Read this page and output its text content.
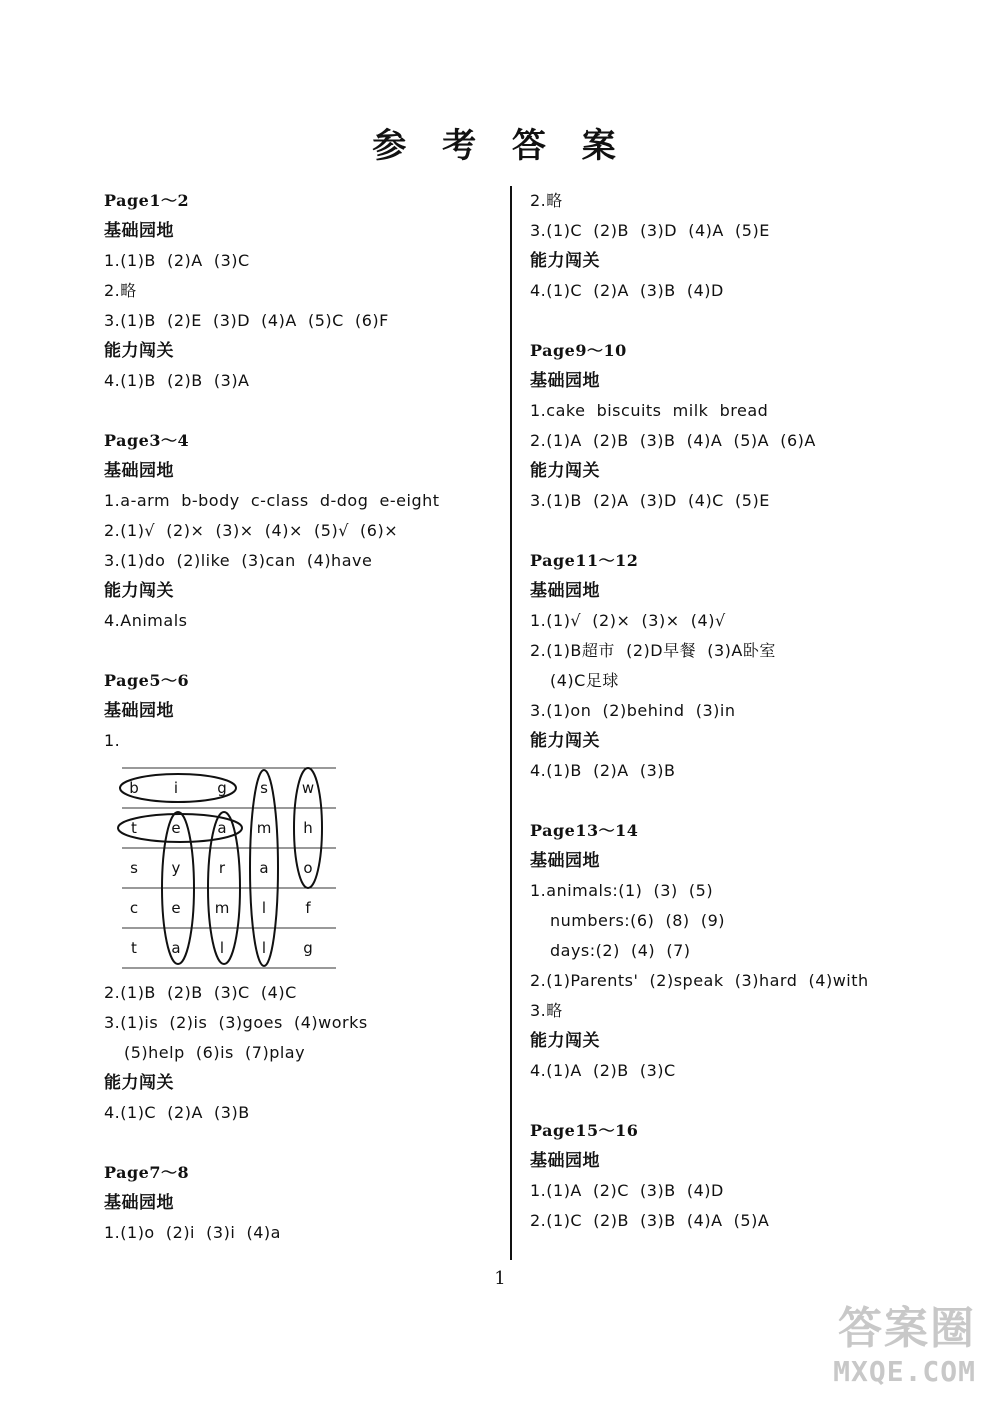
参 考 答 案
Page1～2
基础园地
1.(1)B  (2)A  (3)C
2.略
3.(1)B  (2)E  (3)D  (4)A  (5)C  (6)F
能力闯关
4.(1)B  (2)B  (3)A
Page3～4
基础园地
1.a-arm  b-body  c-class  d-dog  e-eight
2.(1)√  (2)×  (3)×  (4)×  (5)√  (6)×
3.(1)do  (2)like  (3)can  (4)have
能力闯关
4.Animals
Page5～6
基础园地
1.
b i	g s w
t e a m h
s y	r a o
c e m l	f
t a	l	l g
2.(1)B  (2)B  (3)C  (4)C
3.(1)is  (2)is  (3)goes  (4)works
(5)help  (6)is  (7)play
能力闯关
4.(1)C  (2)A  (3)B
Page7～8
基础园地
1.(1)o  (2)i  (3)i  (4)a
2.略
3.(1)C  (2)B  (3)D  (4)A  (5)E
能力闯关
4.(1)C  (2)A  (3)B  (4)D
Page9～10
基础园地
1.cake  biscuits  milk  bread
2.(1)A  (2)B  (3)B  (4)A  (5)A  (6)A
能力闯关
3.(1)B  (2)A  (3)D  (4)C  (5)E
Page11～12
基础园地
1.(1)√  (2)×  (3)×  (4)√
2.(1)B超市  (2)D早餐  (3)A卧室
(4)C足球
3.(1)on  (2)behind  (3)in
能力闯关
4.(1)B  (2)A  (3)B
Page13～14
基础园地
1.animals:(1)  (3)  (5)
numbers:(6)  (8)  (9)
days:(2)  (4)  (7)
2.(1)Parents'  (2)speak  (3)hard  (4)with
3.略
能力闯关
4.(1)A  (2)B  (3)C
Page15～16
基础园地
1.(1)A  (2)C  (3)B  (4)D
2.(1)C  (2)B  (3)B  (4)A  (5)A
1
答案圈
MXQE.COM
